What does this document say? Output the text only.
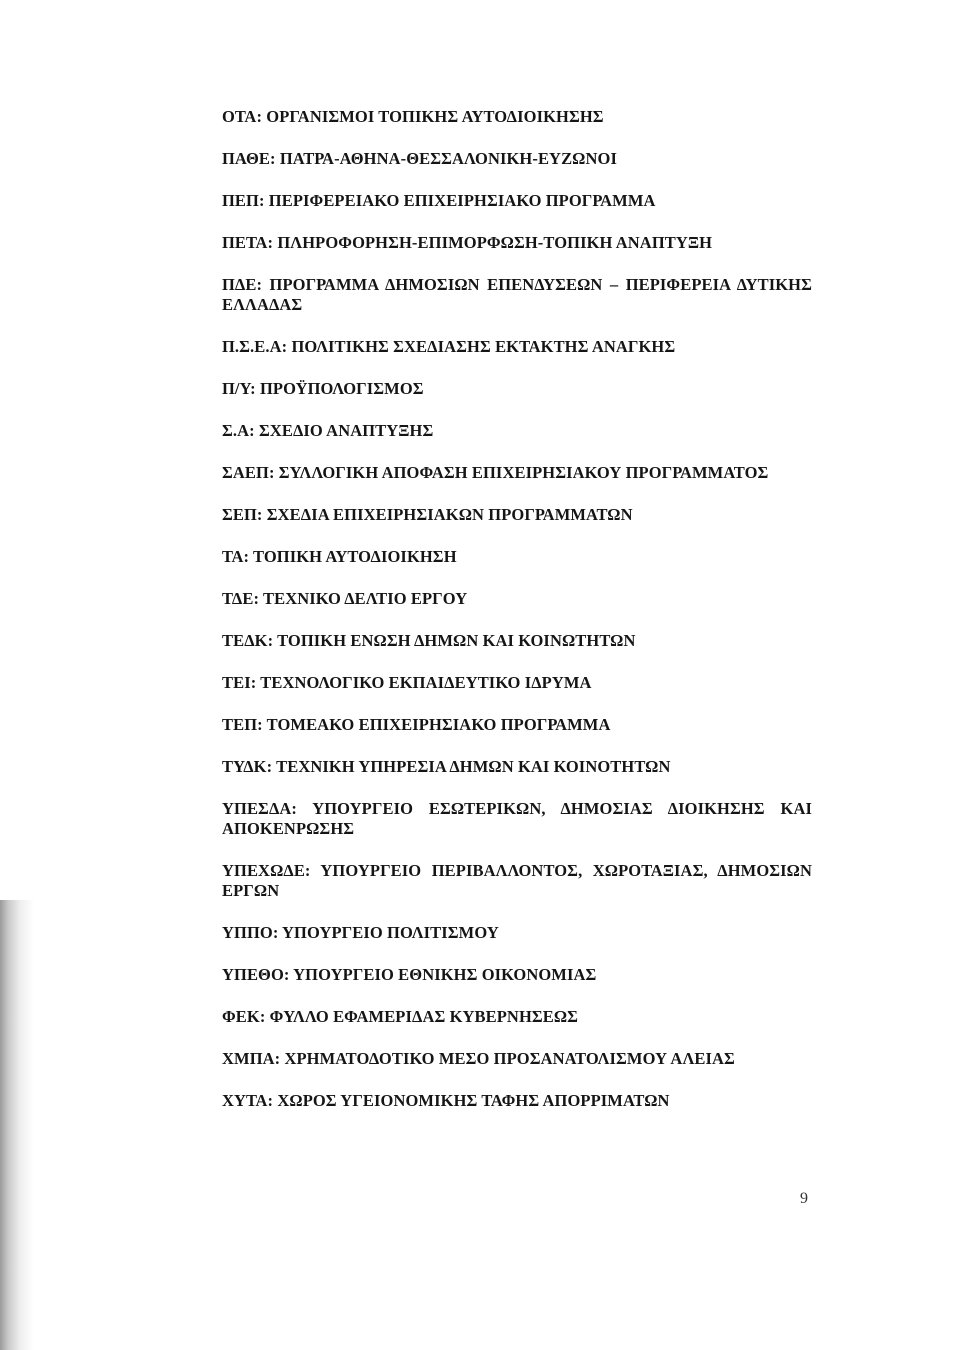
ΟΤΑ: ΟΡΓΑΝΙΣΜΟΙ ΤΟΠΙΚΗΣ ΑΥΤΟΔΙΟΙΚΗΣΗΣ
ΠΑΘΕ: ΠΑΤΡΑ-ΑΘΗΝΑ-ΘΕΣΣΑΛΟΝΙΚΗ-ΕΥΖΩΝΟΙ
ΠΕΠ: ΠΕΡΙΦΕΡΕΙΑΚΟ ΕΠΙΧΕΙΡΗΣΙΑΚΟ ΠΡΟΓΡΑΜΜΑ
ΠΕΤΑ: ΠΛΗΡΟΦΟΡΗΣΗ-ΕΠΙΜΟΡΦΩΣΗ-ΤΟΠΙΚΗ ΑΝΑΠΤΥΞΗ
ΠΔΕ: ΠΡΟΓΡΑΜΜΑ ΔΗΜΟΣΙΩΝ ΕΠΕΝΔΥΣΕΩΝ – ΠΕΡΙΦΕΡΕΙΑ ΔΥΤΙΚΗΣ ΕΛΛΑΔΑΣ
Π.Σ.Ε.Α: ΠΟΛΙΤΙΚΗΣ ΣΧΕΔΙΑΣΗΣ ΕΚΤΑΚΤΗΣ ΑΝΑΓΚΗΣ
Π/Υ: ΠΡΟΫΠΟΛΟΓΙΣΜΟΣ
Σ.Α: ΣΧΕΔΙΟ ΑΝΑΠΤΥΞΗΣ
ΣΑΕΠ: ΣΥΛΛΟΓΙΚΗ ΑΠΟΦΑΣΗ ΕΠΙΧΕΙΡΗΣΙΑΚΟΥ ΠΡΟΓΡΑΜΜΑΤΟΣ
ΣΕΠ: ΣΧΕΔΙΑ ΕΠΙΧΕΙΡΗΣΙΑΚΩΝ ΠΡΟΓΡΑΜΜΑΤΩΝ
ΤΑ: ΤΟΠΙΚΗ ΑΥΤΟΔΙΟΙΚΗΣΗ
ΤΔΕ: ΤΕΧΝΙΚΟ ΔΕΛΤΙΟ ΕΡΓΟΥ
ΤΕΔΚ: ΤΟΠΙΚΗ ΕΝΩΣΗ ΔΗΜΩΝ ΚΑΙ ΚΟΙΝΩΤΗΤΩΝ
ΤΕΙ: ΤΕΧΝΟΛΟΓΙΚΟ ΕΚΠΑΙΔΕΥΤΙΚΟ ΙΔΡΥΜΑ
ΤΕΠ: ΤΟΜΕΑΚΟ ΕΠΙΧΕΙΡΗΣΙΑΚΟ ΠΡΟΓΡΑΜΜΑ
ΤΥΔΚ: ΤΕΧΝΙΚΗ ΥΠΗΡΕΣΙΑ ΔΗΜΩΝ ΚΑΙ ΚΟΙΝΟΤΗΤΩΝ
ΥΠΕΣΔΑ: ΥΠΟΥΡΓΕΙΟ ΕΣΩΤΕΡΙΚΩΝ, ΔΗΜΟΣΙΑΣ ΔΙΟΙΚΗΣΗΣ ΚΑΙ ΑΠΟΚΕΝΡΩΣΗΣ
ΥΠΕΧΩΔΕ: ΥΠΟΥΡΓΕΙΟ ΠΕΡΙΒΑΛΛΟΝΤΟΣ, ΧΩΡΟΤΑΞΙΑΣ, ΔΗΜΟΣΙΩΝ ΕΡΓΩΝ
ΥΠΠΟ: ΥΠΟΥΡΓΕΙΟ ΠΟΛΙΤΙΣΜΟΥ
ΥΠΕΘΟ: ΥΠΟΥΡΓΕΙΟ ΕΘΝΙΚΗΣ ΟΙΚΟΝΟΜΙΑΣ
ΦΕΚ: ΦΥΛΛΟ ΕΦΑΜΕΡΙΔΑΣ ΚΥΒΕΡΝΗΣΕΩΣ
ΧΜΠΑ: ΧΡΗΜΑΤΟΔΟΤΙΚΟ ΜΕΣΟ ΠΡΟΣΑΝΑΤΟΛΙΣΜΟΥ ΑΛΕΙΑΣ
ΧΥΤΑ: ΧΩΡΟΣ ΥΓΕΙΟΝΟΜΙΚΗΣ ΤΑΦΗΣ ΑΠΟΡΡΙΜΑΤΩΝ
9
